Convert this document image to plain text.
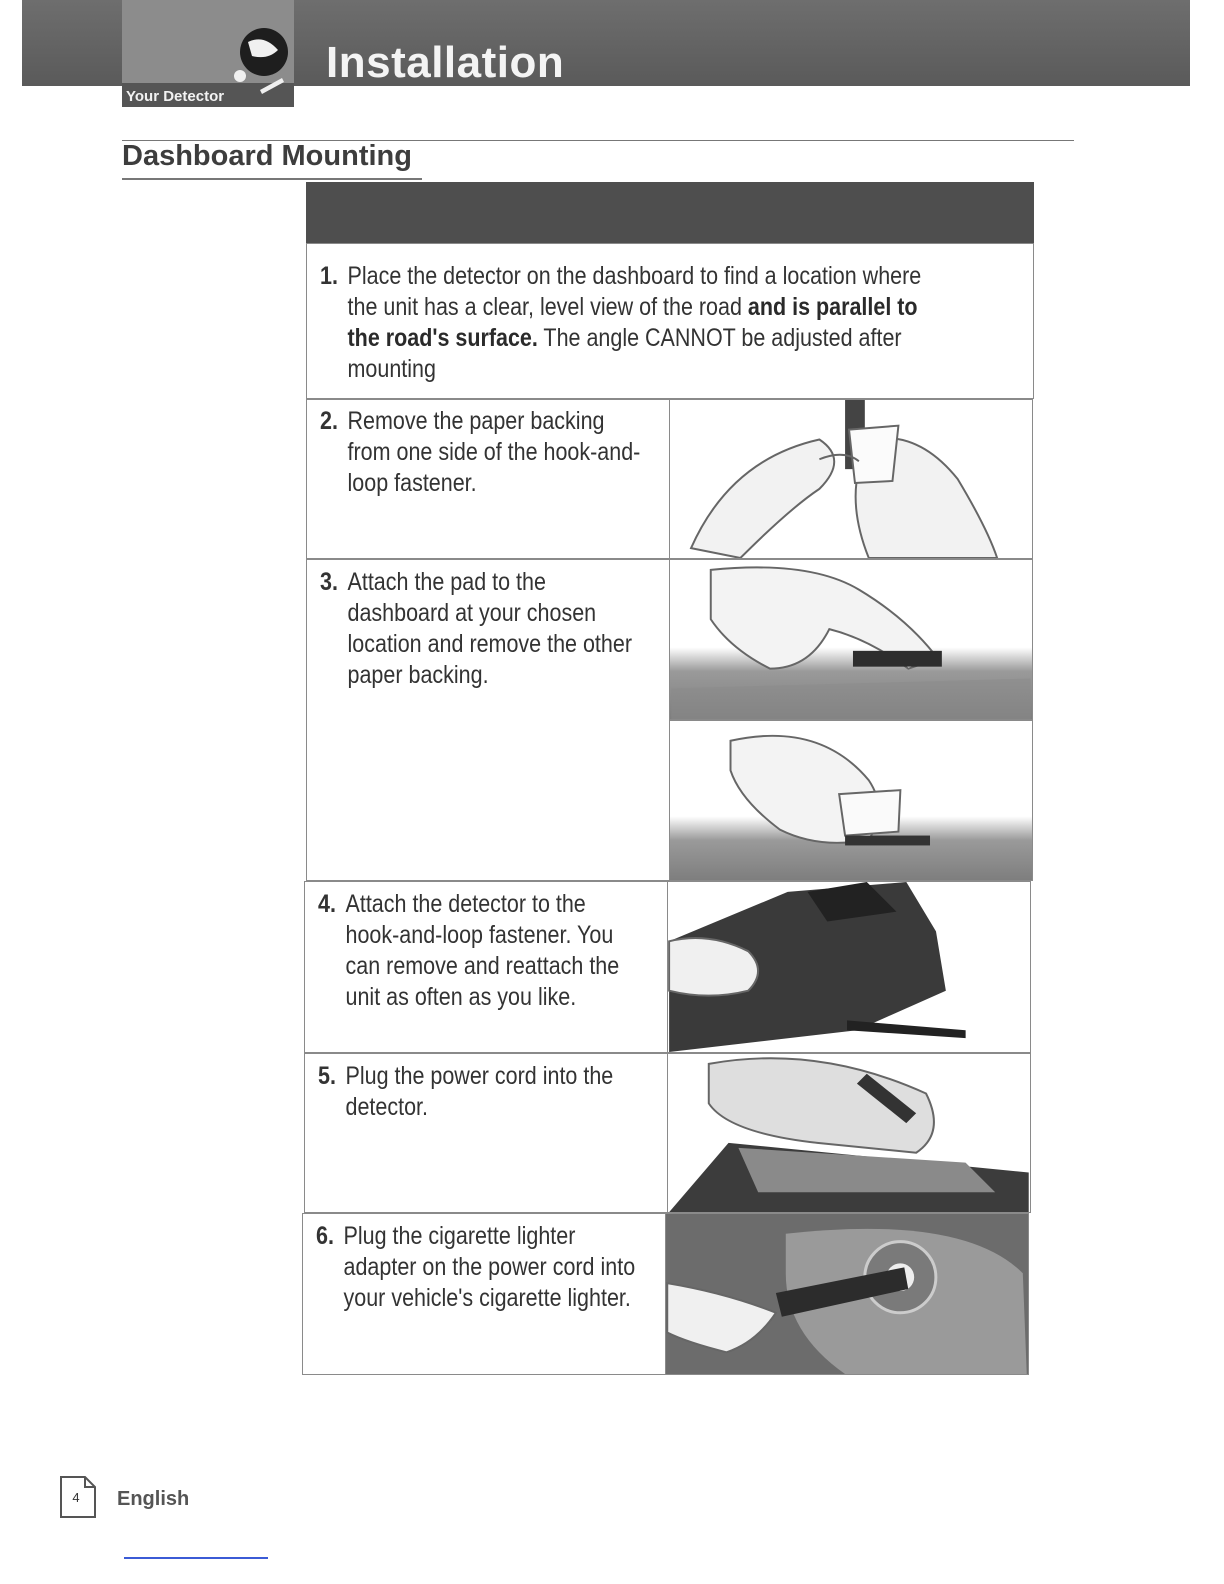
Your Detector
Installation
Dashboard Mounting
1. Place the detector on the dashboard to find a location where the unit has a clear, level view of the road and is parallel to the road's surface. The angle CANNOT be adjusted after mounting
2. Remove the paper backing from one side of the hook-and-loop fastener.
3. Attach the pad to the dashboard at your chosen location and remove the other paper backing.
4. Attach the detector to the hook-and-loop fastener. You can remove and reattach the unit as often as you like.
5. Plug the power cord into the detector.
6. Plug the cigarette lighter adapter on the power cord into your vehicle's cigarette lighter.
4	English
